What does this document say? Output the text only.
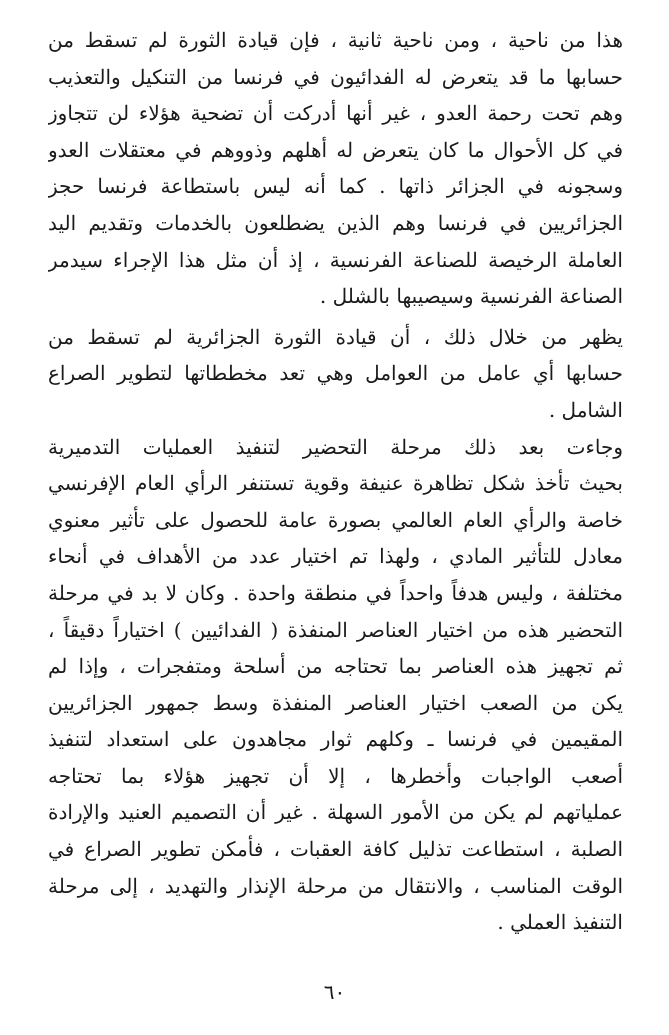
هذا من ناحية ، ومن ناحية ثانية ، فإن قيادة الثورة لم تسقط من
حسابها ما قد يتعرض له الفدائيون في فرنسا من التنكيل والتعذيب
وهم تحت رحمة العدو ، غير أنها أدركت أن تضحية هؤلاء لن تتجاوز
في كل الأحوال ما كان يتعرض له أهلهم وذووهم في معتقلات العدو
وسجونه في الجزائر ذاتها . كما أنه ليس باستطاعة فرنسا حجز
الجزائريين في فرنسا وهم الذين يضطلعون بالخدمات وتقديم اليد
العاملة الرخيصة للصناعة الفرنسية ، إذ أن مثل هذا الإجراء سيدمر
الصناعة الفرنسية وسيصيبها بالشلل .
يظهر من خلال ذلك ، أن قيادة الثورة الجزائرية لم تسقط من
حسابها أي عامل من العوامل وهي تعد مخططاتها لتطوير الصراع
الشامل .
وجاءت بعد ذلك مرحلة التحضير لتنفيذ العمليات التدميرية
بحيث تأخذ شكل تظاهرة عنيفة وقوية تستنفر الرأي العام الإفرنسي
خاصة والرأي العام العالمي بصورة عامة للحصول على تأثير معنوي
معادل للتأثير المادي ، ولهذا تم اختيار عدد من الأهداف في أنحاء
مختلفة ، وليس هدفاً واحداً في منطقة واحدة . وكان لا بد في مرحلة
التحضير هذه من اختيار العناصر المنفذة ( الفدائيين ) اختياراً دقيقاً ،
ثم تجهيز هذه العناصر بما تحتاجه من أسلحة ومتفجرات ، وإذا لم
يكن من الصعب اختيار العناصر المنفذة وسط جمهور الجزائريين
المقيمين في فرنسا ـ وكلهم ثوار مجاهدون على استعداد لتنفيذ
أصعب الواجبات وأخطرها ، إلا أن تجهيز هؤلاء بما تحتاجه
عملياتهم لم يكن من الأمور السهلة . غير أن التصميم العنيد والإرادة
الصلبة ، استطاعت تذليل كافة العقبات ، فأمكن تطوير الصراع في
الوقت المناسب ، والانتقال من مرحلة الإنذار والتهديد ، إلى مرحلة
التنفيذ العملي .
٦٠
